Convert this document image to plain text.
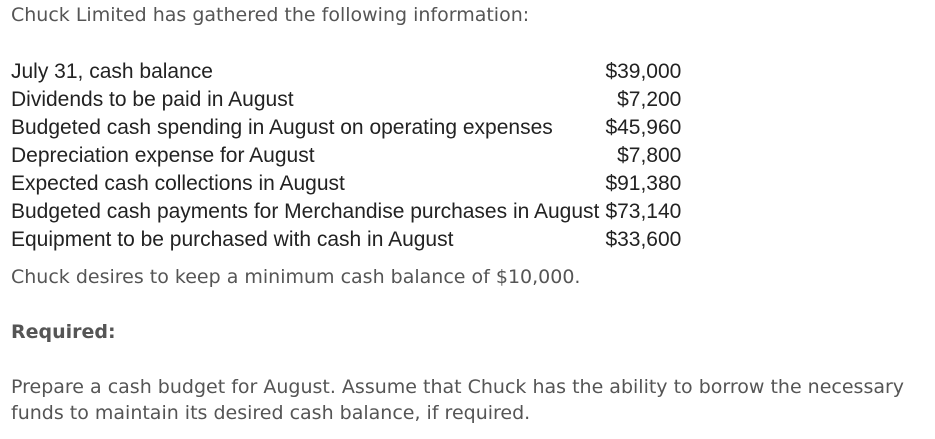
Chuck Limited has gathered the following information:
July 31, cash balance	$39,000
Dividends to be paid in August	$7,200
Budgeted cash spending in August on operating expenses	$45,960
Depreciation expense for August	$7,800
Expected cash collections in August	$91,380
Budgeted cash payments for Merchandise purchases in August	$73,140
Equipment to be purchased with cash in August	$33,600
Chuck desires to keep a minimum cash balance of $10,000.
Required:
Prepare a cash budget for August. Assume that Chuck has the ability to borrow the necessary funds to maintain its desired cash balance, if required.
